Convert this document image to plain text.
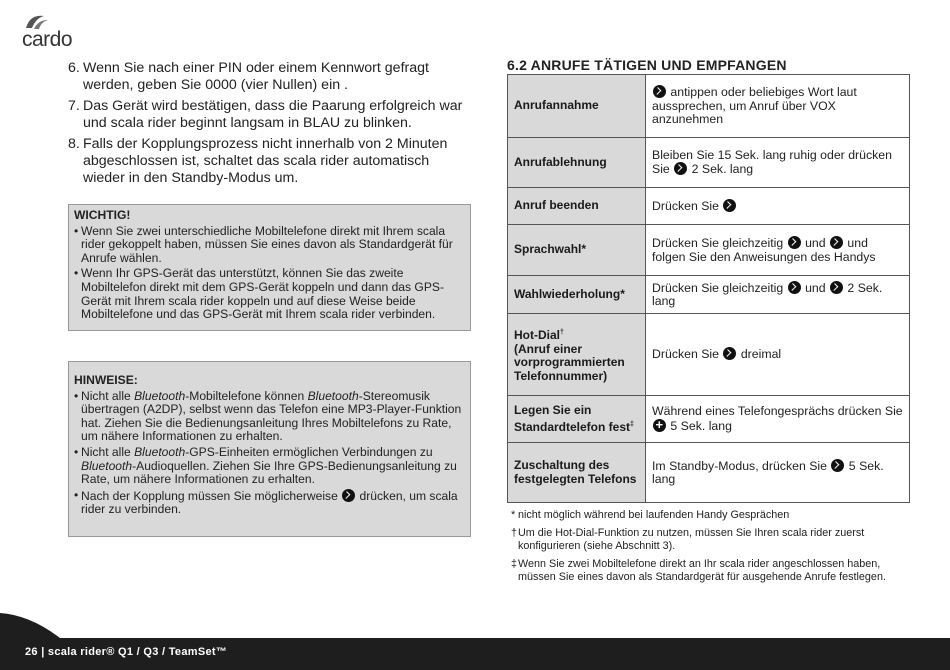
cardo
6. Wenn Sie nach einer PIN oder einem Kennwort gefragt werden, geben Sie 0000 (vier Nullen) ein .
7. Das Gerät wird bestätigen, dass die Paarung erfolgreich war und scala rider beginnt langsam in BLAU zu blinken.
8. Falls der Kopplungsprozess nicht innerhalb von 2 Minuten abgeschlossen ist, schaltet das scala rider automatisch wieder in den Standby-Modus um.
WICHTIG!
• Wenn Sie zwei unterschiedliche Mobiltelefone direkt mit Ihrem scala rider gekoppelt haben, müssen Sie eines davon als Standardgerät für Anrufe wählen.
• Wenn Ihr GPS-Gerät das unterstützt, können Sie das zweite Mobiltelefon direkt mit dem GPS-Gerät koppeln und dann das GPS-Gerät mit Ihrem scala rider koppeln und auf diese Weise beide Mobiltelefone und das GPS-Gerät mit Ihrem scala rider verbinden.
HINWEISE:
• Nicht alle Bluetooth-Mobiltelefone können Bluetooth-Stereomusik übertragen (A2DP), selbst wenn das Telefon eine MP3-Player-Funktion hat. Ziehen Sie die Bedienungsanleitung Ihres Mobiltelefons zu Rate, um nähere Informationen zu erhalten.
• Nicht alle Bluetooth-GPS-Einheiten ermöglichen Verbindungen zu Bluetooth-Audioquellen. Ziehen Sie Ihre GPS-Bedienungsanleitung zu Rate, um nähere Informationen zu erhalten.
• Nach der Kopplung müssen Sie möglicherweise  drücken, um scala rider zu verbinden.
6.2 ANRUFE TÄTIGEN UND EMPFANGEN
Anrufannahme	antippen oder beliebiges Wort laut aussprechen, um Anruf über VOX anzunehmen
Anrufablehnung	Bleiben Sie 15 Sek. lang ruhig oder drücken Sie  2 Sek. lang
Anruf beenden	Drücken Sie
Sprachwahl*	Drücken Sie gleichzeitig  und  und folgen Sie den Anweisungen des Handys
Wahlwiederholung*	Drücken Sie gleichzeitig  und  2 Sek. lang
Hot-Dial†
(Anruf einer vorprogrammierten Telefonnummer)	Drücken Sie  dreimal
Legen Sie ein Standardtelefon fest‡	Während eines Telefongesprächs drücken Sie + 5 Sek. lang
Zuschaltung des festgelegten Telefons	Im Standby-Modus, drücken Sie  5 Sek. lang
* nicht möglich während bei laufenden Handy Gesprächen
† Um die Hot-Dial-Funktion zu nutzen, müssen Sie Ihren scala rider zuerst konfigurieren (siehe Abschnitt 3).
‡ Wenn Sie zwei Mobiltelefone direkt an Ihr scala rider angeschlossen haben, müssen Sie eines davon als Standardgerät für ausgehende Anrufe festlegen.
26 | scala rider® Q1 / Q3 / TeamSet™
